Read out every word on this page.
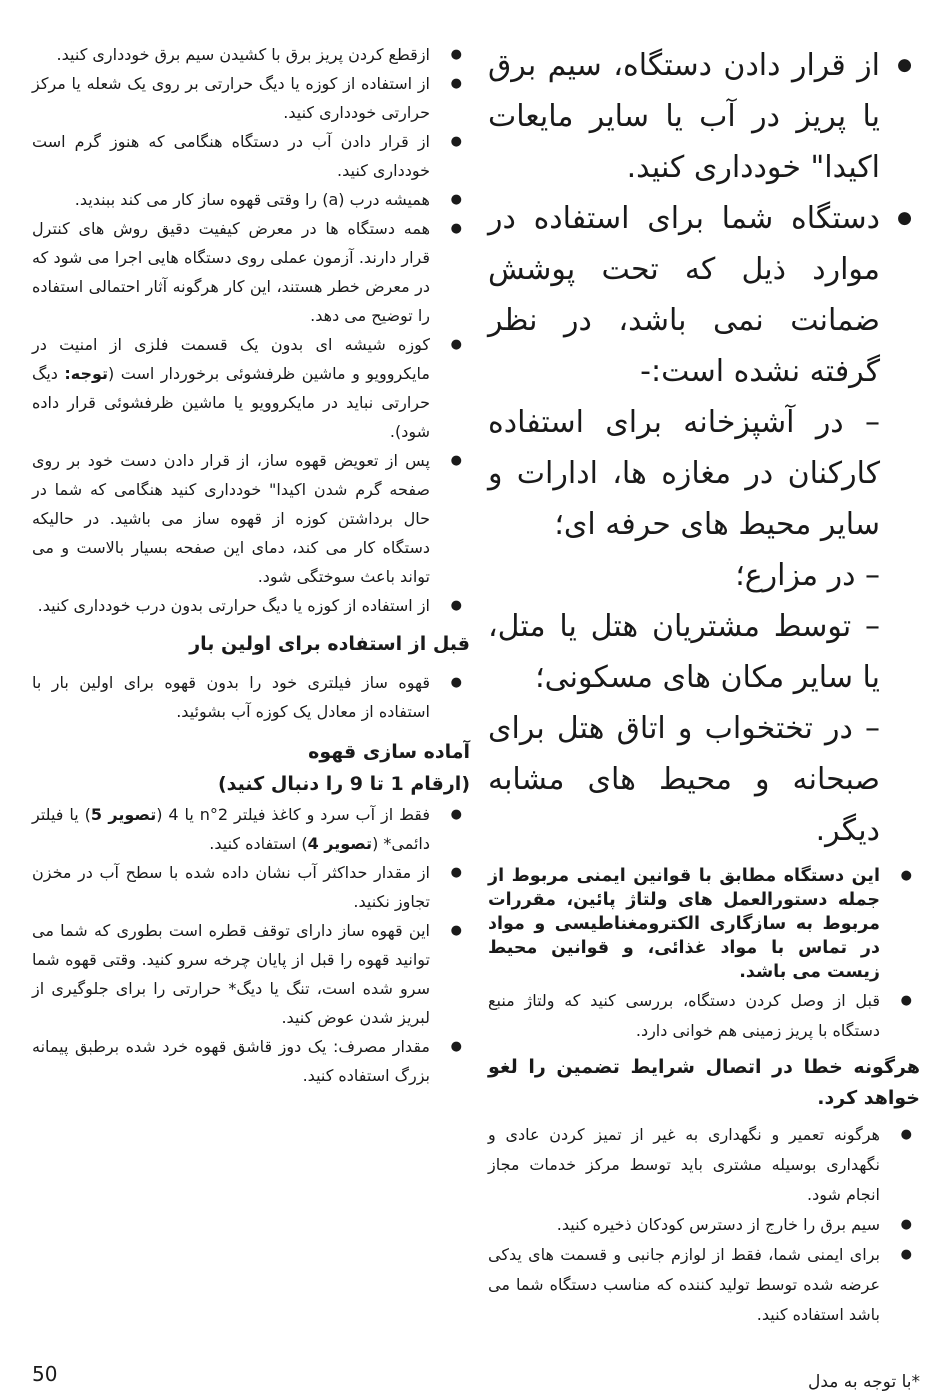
● از قرار دادن دستگاه، سیم برق یا پریز در آب یا سایر مایعات اکیدا" خودداری کنید.
● دستگاه شما برای استفاده در موارد ذیل که تحت پوشش ضمانت نمی باشد، در نظر گرفته نشده است:-
– در آشپزخانه برای استفاده کارکنان در مغازه ها، ادارات و سایر محیط های حرفه ای؛
– در مزارع؛
– توسط مشتریان هتل یا متل، یا سایر مکان های مسکونی؛
– در تختخواب و اتاق هتل برای صبحانه و محیط های مشابه دیگر.
● این دستگاه مطابق با قوانین ایمنی مربوط از جمله دستورالعمل های ولتاژ پائین، مقررات مربوط به سازگاری الکترومغناطیسی و مواد در تماس با مواد غذائی، و قوانین محیط زیست می باشد.
● قبل از وصل کردن دستگاه، بررسی کنید که ولتاژ منبع دستگاه با پریز زمینی هم خوانی دارد.
هرگونه خطا در اتصال شرایط تضمین را لغو خواهد کرد.
● هرگونه تعمیر و نگهداری به غیر از تمیز کردن عادی و نگهداری بوسیله مشتری باید توسط مرکز خدمات مجاز انجام شود.
● سیم برق را خارج از دسترس کودکان ذخیره کنید.
● برای ایمنی شما، فقط از لوازم جانبی و قسمت های یدکی عرضه شده توسط تولید کننده که مناسب دستگاه شما می باشد استفاده کنید.
● ازقطع کردن پریز برق با کشیدن سیم برق خودداری کنید.
● از استفاده از کوزه یا دیگ حرارتی بر روی یک شعله یا مرکز حرارتی خودداری کنید.
● از قرار دادن آب در دستگاه هنگامی که هنوز گرم است خودداری کنید.
● همیشه درب (a) را وقتی قهوه ساز کار می کند ببندید.
● همه دستگاه ها در معرض کیفیت دقیق روش های کنترل قرار دارند. آزمون عملی روی دستگاه هایی اجرا می شود که در معرض خطر هستند، این کار هرگونه آثار احتمالی استفاده را توضیح می دهد.
● کوزه شیشه ای بدون یک قسمت فلزی از امنیت در مایکروویو و ماشین ظرفشوئی برخوردار است (توجه: دیگ حرارتی نباید در مایکروویو یا ماشین ظرفشوئی قرار داده شود).
● پس از تعویض قهوه ساز، از قرار دادن دست خود بر روی صفحه گرم شدن اکیدا" خودداری کنید هنگامی که شما در حال برداشتن کوزه از قهوه ساز می باشید. در حالیکه دستگاه کار می کند، دمای این صفحه بسیار بالاست و می تواند باعث سوختگی شود.
● از استفاده از کوزه یا دیگ حرارتی بدون درب خودداری کنید.
قبل از استفاده برای اولین بار
● قهوه ساز فیلتری خود را بدون قهوه برای اولین بار با استفاده از معادل یک کوزه آب بشوئید.
آماده سازی قهوه
(ارقام 1 تا 9 را دنبال کنید)
● فقط از آب سرد و کاغذ فیلتر n°2 یا 4 (تصویر 5) یا فیلتر دائمی* (تصویر 4) استفاده کنید.
● از مقدار حداکثر آب نشان داده شده با سطح آب در مخزن تجاوز نکنید.
● این قهوه ساز دارای توقف قطره است بطوری که شما می توانید قهوه را قبل از پایان چرخه سرو کنید. وقتی قهوه شما سرو شده است، تنگ یا دیگ* حرارتی را برای جلوگیری از لبریز شدن عوض کنید.
● مقدار مصرف: یک دوز قاشق قهوه خرد شده برطبق پیمانه بزرگ استفاده کنید.
50	*با توجه به مدل
